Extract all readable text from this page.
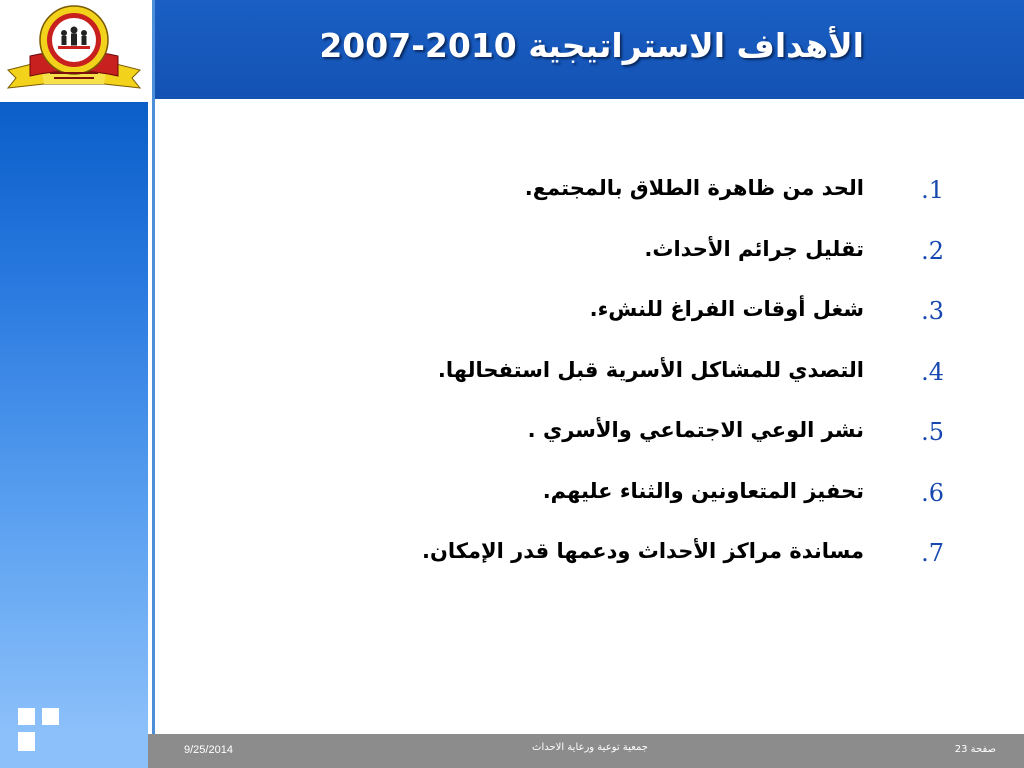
الأهداف الاستراتيجية 2010-2007
.1
الحد من ظاهرة الطلاق بالمجتمع.
.2
تقليل جرائم الأحداث.
.3
شغل أوقات الفراغ للنشء.
.4
التصدي للمشاكل الأسرية قبل استفحالها.
.5
نشر الوعي الاجتماعي والأسري .
.6
تحفيز المتعاونين والثناء عليهم.
.7
مساندة مراكز الأحداث ودعمها قدر الإمكان.
9/25/2014	جمعية توعية ورعاية الاحداث	صفحة 23
